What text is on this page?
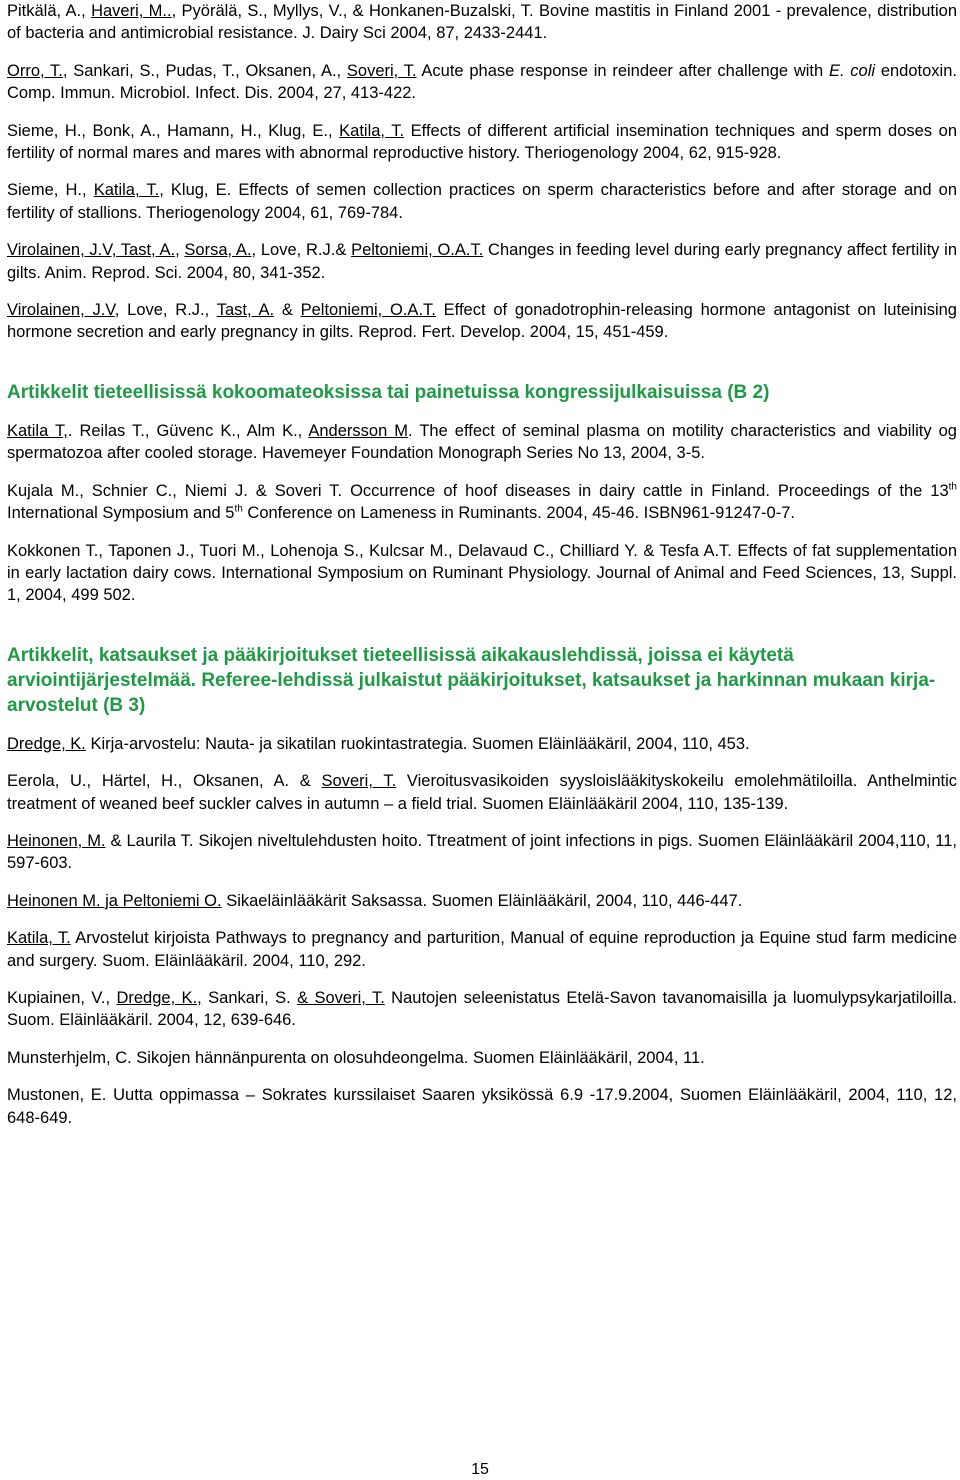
Pitkälä, A., Haveri, M.., Pyörälä, S., Myllys, V., & Honkanen-Buzalski, T. Bovine mastitis in Finland 2001 - prevalence, distribution of bacteria and antimicrobial resistance. J. Dairy Sci 2004, 87, 2433-2441.

Orro, T., Sankari, S., Pudas, T., Oksanen, A., Soveri, T. Acute phase response in reindeer after challenge with E. coli endotoxin. Comp. Immun. Microbiol. Infect. Dis. 2004, 27, 413-422.

Sieme, H., Bonk, A., Hamann, H., Klug, E., Katila, T. Effects of different artificial insemination techniques and sperm doses on fertility of normal mares and mares with abnormal reproductive history. Theriogenology 2004, 62, 915-928.

Sieme, H., Katila, T., Klug, E. Effects of semen collection practices on sperm characteristics before and after storage and on fertility of stallions. Theriogenology 2004, 61, 769-784.

Virolainen, J.V, Tast, A., Sorsa, A., Love, R.J.& Peltoniemi, O.A.T. Changes in feeding level during early pregnancy affect fertility in gilts. Anim. Reprod. Sci. 2004, 80, 341-352.

Virolainen, J.V, Love, R.J., Tast, A. & Peltoniemi, O.A.T. Effect of gonadotrophin-releasing hormone antagonist on luteinising hormone secretion and early pregnancy in gilts. Reprod. Fert. Develop. 2004, 15, 451-459.

Artikkelit tieteellisissä kokoomateoksissa tai painetuissa kongressijulkaisuissa (B 2)

Katila T,. Reilas T., Güvenc K., Alm K., Andersson M. The effect of seminal plasma on motility characteristics and viability og spermatozoa after cooled storage. Havemeyer Foundation Monograph Series No 13, 2004, 3-5.

Kujala M., Schnier C., Niemi J. & Soveri T. Occurrence of hoof diseases in dairy cattle in Finland. Proceedings of the 13th International Symposium and 5th Conference on Lameness in Ruminants. 2004, 45-46. ISBN961-91247-0-7.

Kokkonen T., Taponen J., Tuori M., Lohenoja S., Kulcsar M., Delavaud C., Chilliard Y. & Tesfa A.T. Effects of fat supplementation in early lactation dairy cows. International Symposium on Ruminant Physiology. Journal of Animal and Feed Sciences, 13, Suppl. 1, 2004, 499 502.

Artikkelit, katsaukset ja pääkirjoitukset tieteellisissä aikakauslehdissä, joissa ei käytetä arviointijärjestelmää. Referee-lehdissä julkaistut pääkirjoitukset, katsaukset ja harkinnan mukaan kirja-arvostelut (B 3)

Dredge, K. Kirja-arvostelu: Nauta- ja sikatilan ruokintastrategia. Suomen Eläinlääkäril, 2004, 110, 453.

Eerola, U., Härtel, H., Oksanen, A. & Soveri, T. Vieroitusvasikoiden syysloislääkityskokeilu emolehmätiloilla. Anthelmintic treatment of weaned beef suckler calves in autumn – a field trial. Suomen Eläinlääkäril 2004, 110, 135-139.

Heinonen, M. & Laurila T. Sikojen niveltulehdusten hoito. Ttreatment of joint infections in pigs. Suomen Eläinlääkäril 2004,110, 11, 597-603.

Heinonen M. ja Peltoniemi O. Sikaeläinlääkärit Saksassa. Suomen Eläinlääkäril, 2004, 110, 446-447.

Katila, T. Arvostelut kirjoista Pathways to pregnancy and parturition, Manual of equine reproduction ja Equine stud farm medicine and surgery. Suom. Eläinlääkäril. 2004, 110, 292.

Kupiainen, V., Dredge, K., Sankari, S. & Soveri, T. Nautojen seleenistatus Etelä-Savon tavanomaisilla ja luomulypsykarjatiloilla. Suom. Eläinlääkäril. 2004, 12, 639-646.

Munsterhjelm, C. Sikojen hännänpurenta on olosuhdeongelma. Suomen Eläinlääkäril, 2004, 11.

Mustonen, E. Uutta oppimassa – Sokrates kurssilaiset Saaren yksikössä 6.9 -17.9.2004, Suomen Eläinlääkäril, 2004, 110, 12, 648-649.

15
